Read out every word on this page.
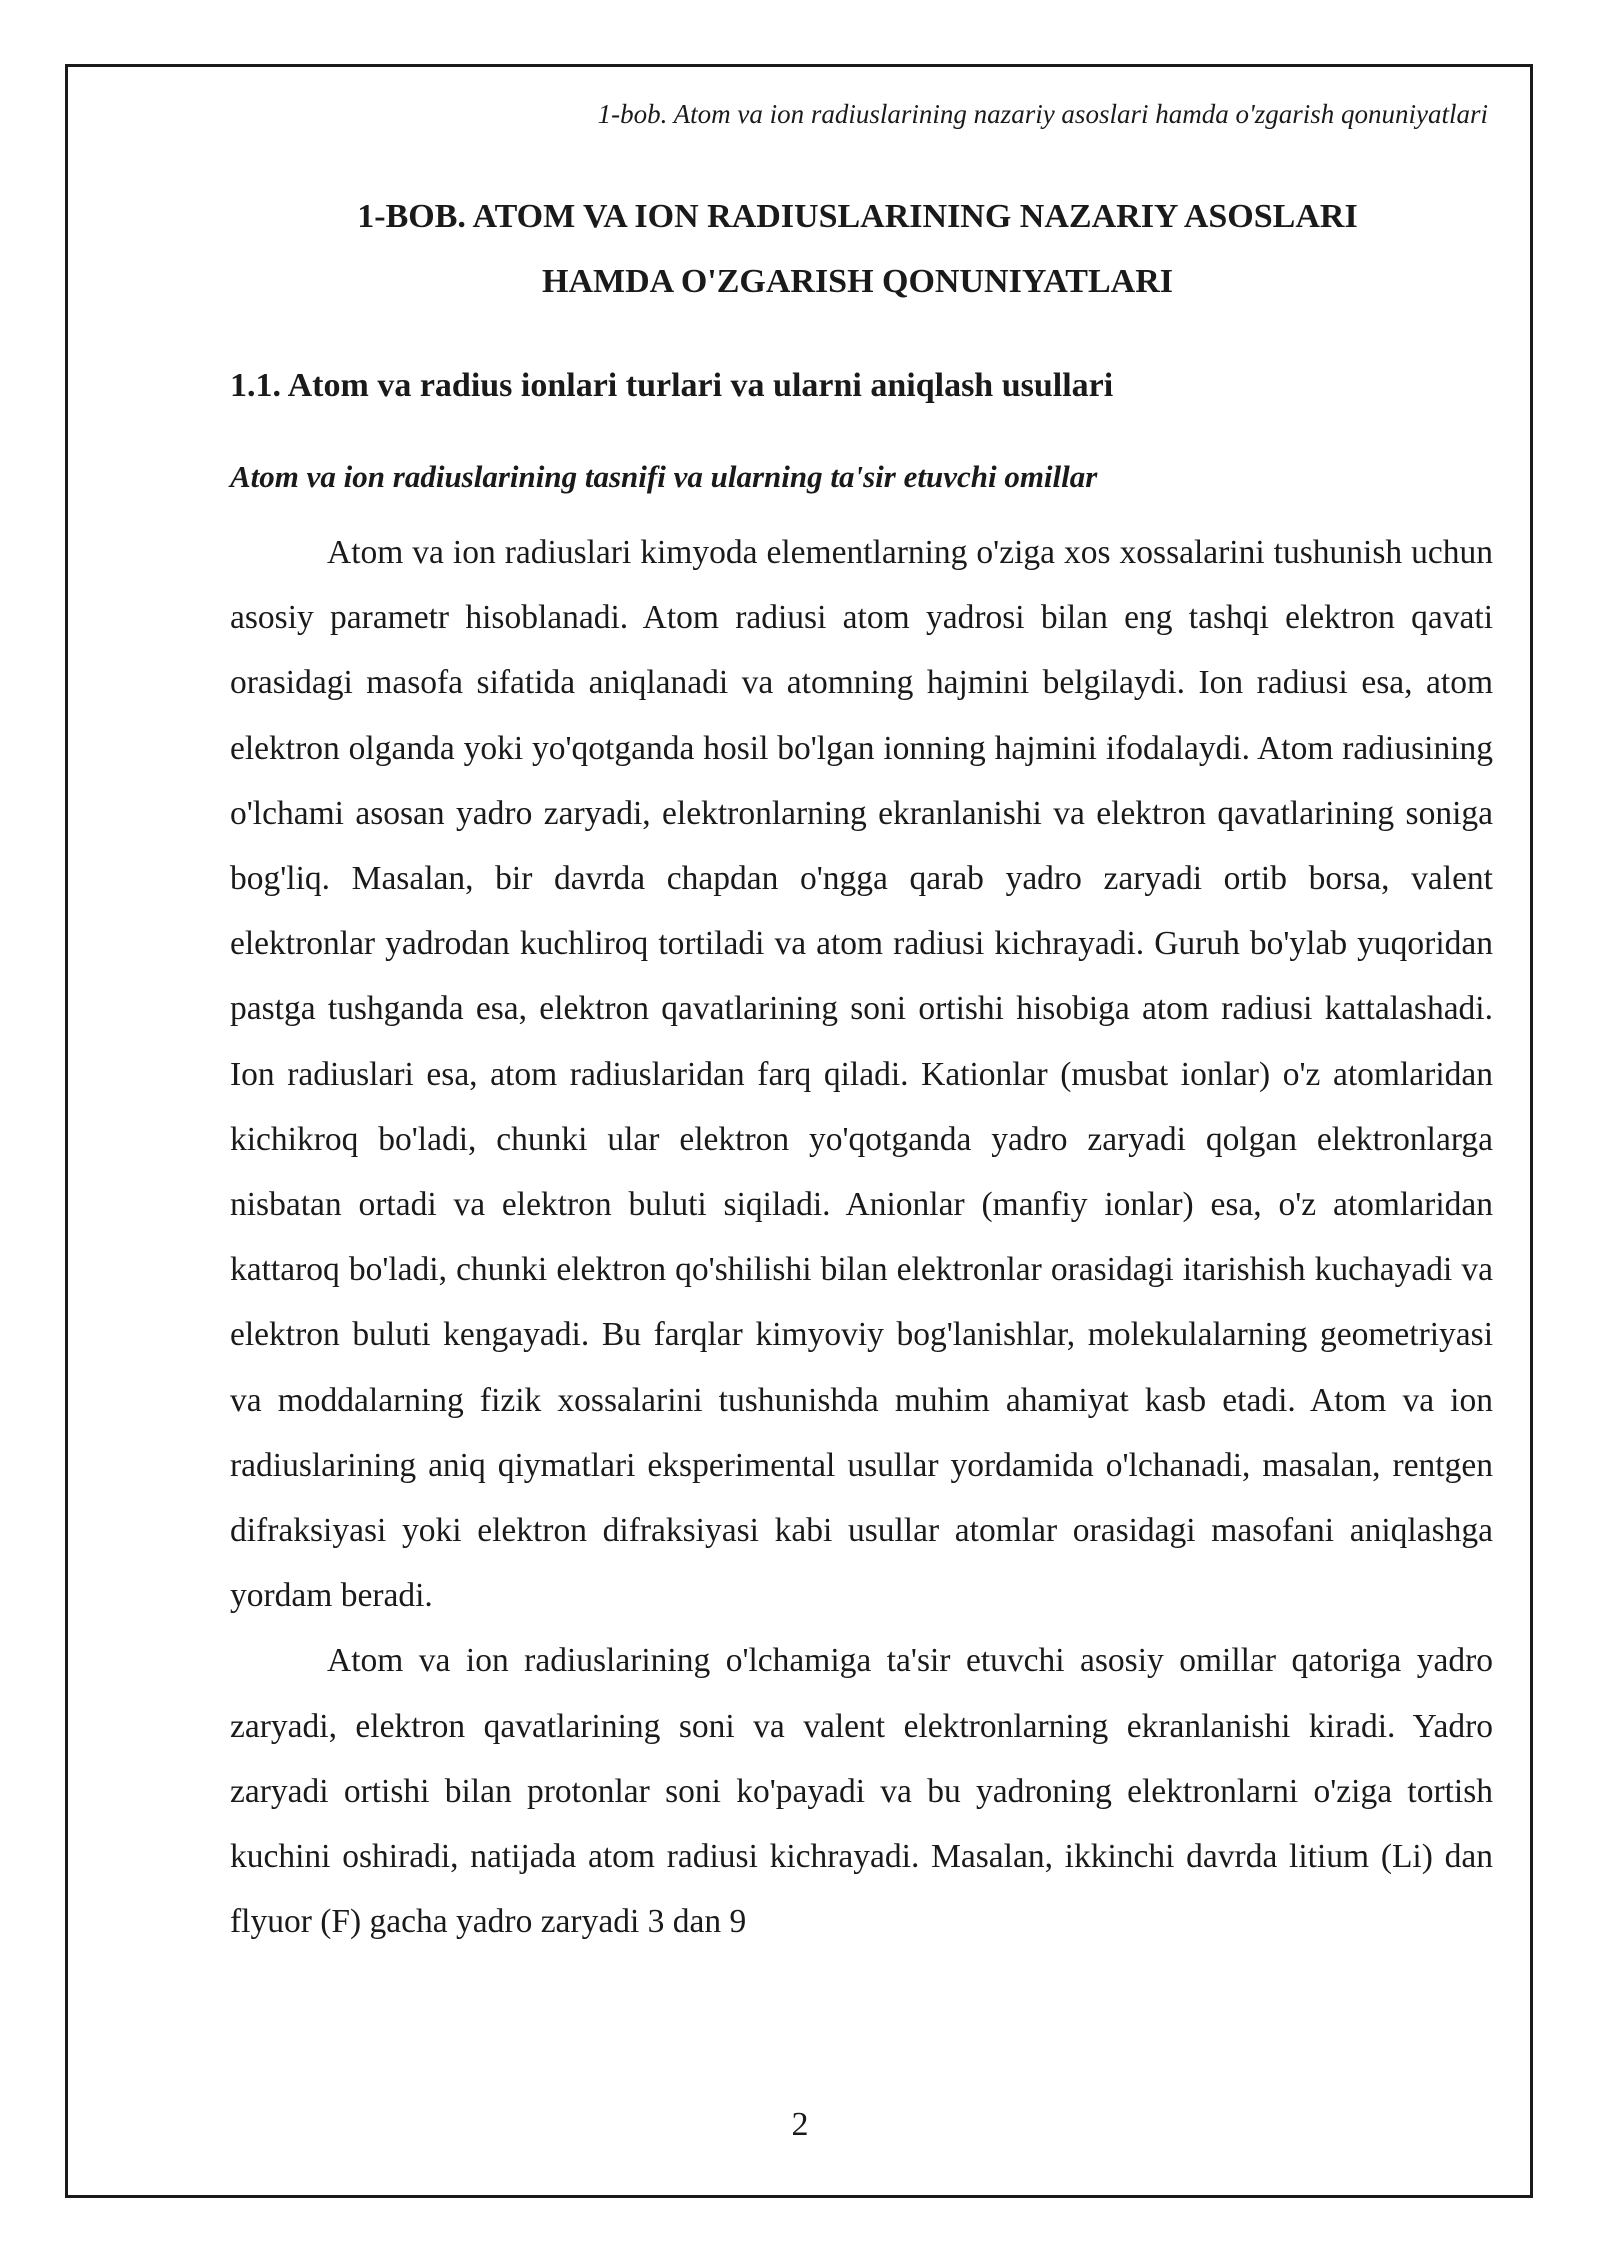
1-bob. Atom va ion radiuslarining nazariy asoslari hamda o'zgarish qonuniyatlari
1-BOB. ATOM VA ION RADIUSLARINING NAZARIY ASOSLARI
HAMDA O'ZGARISH QONUNIYATLARI
1.1. Atom va radius ionlari turlari va ularni aniqlash usullari
Atom va ion radiuslarining tasnifi va ularning ta'sir etuvchi omillar

Atom va ion radiuslari kimyoda elementlarning o'ziga xos xossalarini tushunish uchun asosiy parametr hisoblanadi. Atom radiusi atom yadrosi bilan eng tashqi elektron qavati orasidagi masofa sifatida aniqlanadi va atomning hajmini belgilaydi. Ion radiusi esa, atom elektron olganda yoki yo'qotganda hosil bo'lgan ionning hajmini ifodalaydi. Atom radiusining o'lchami asosan yadro zaryadi, elektronlarning ekranlanishi va elektron qavatlarining soniga bog'liq. Masalan, bir davrda chapdan o'ngga qarab yadro zaryadi ortib borsa, valent elektronlar yadrodan kuchliroq tortiladi va atom radiusi kichrayadi. Guruh bo'ylab yuqoridan pastga tushganda esa, elektron qavatlarining soni ortishi hisobiga atom radiusi kattalashadi. Ion radiuslari esa, atom radiuslaridan farq qiladi. Kationlar (musbat ionlar) o'z atomlaridan kichikroq bo'ladi, chunki ular elektron yo'qotganda yadro zaryadi qolgan elektronlarga nisbatan ortadi va elektron buluti siqiladi. Anionlar (manfiy ionlar) esa, o'z atomlaridan kattaroq bo'ladi, chunki elektron qo'shilishi bilan elektronlar orasidagi itarishish kuchayadi va elektron buluti kengayadi. Bu farqlar kimyoviy bog'lanishlar, molekulalarning geometriyasi va moddalarning fizik xossalarini tushunishda muhim ahamiyat kasb etadi. Atom va ion radiuslarining aniq qiymatlari eksperimental usullar yordamida o'lchanadi, masalan, rentgen difraksiyasi yoki elektron difraksiyasi kabi usullar atomlar orasidagi masofani aniqlashga yordam beradi.

Atom va ion radiuslarining o'lchamiga ta'sir etuvchi asosiy omillar qatoriga yadro zaryadi, elektron qavatlarining soni va valent elektronlarning ekranlanishi kiradi. Yadro zaryadi ortishi bilan protonlar soni ko'payadi va bu yadroning elektronlarni o'ziga tortish kuchini oshiradi, natijada atom radiusi kichrayadi. Masalan, ikkinchi davrda litium (Li) dan flyuor (F) gacha yadro zaryadi 3 dan 9

2
